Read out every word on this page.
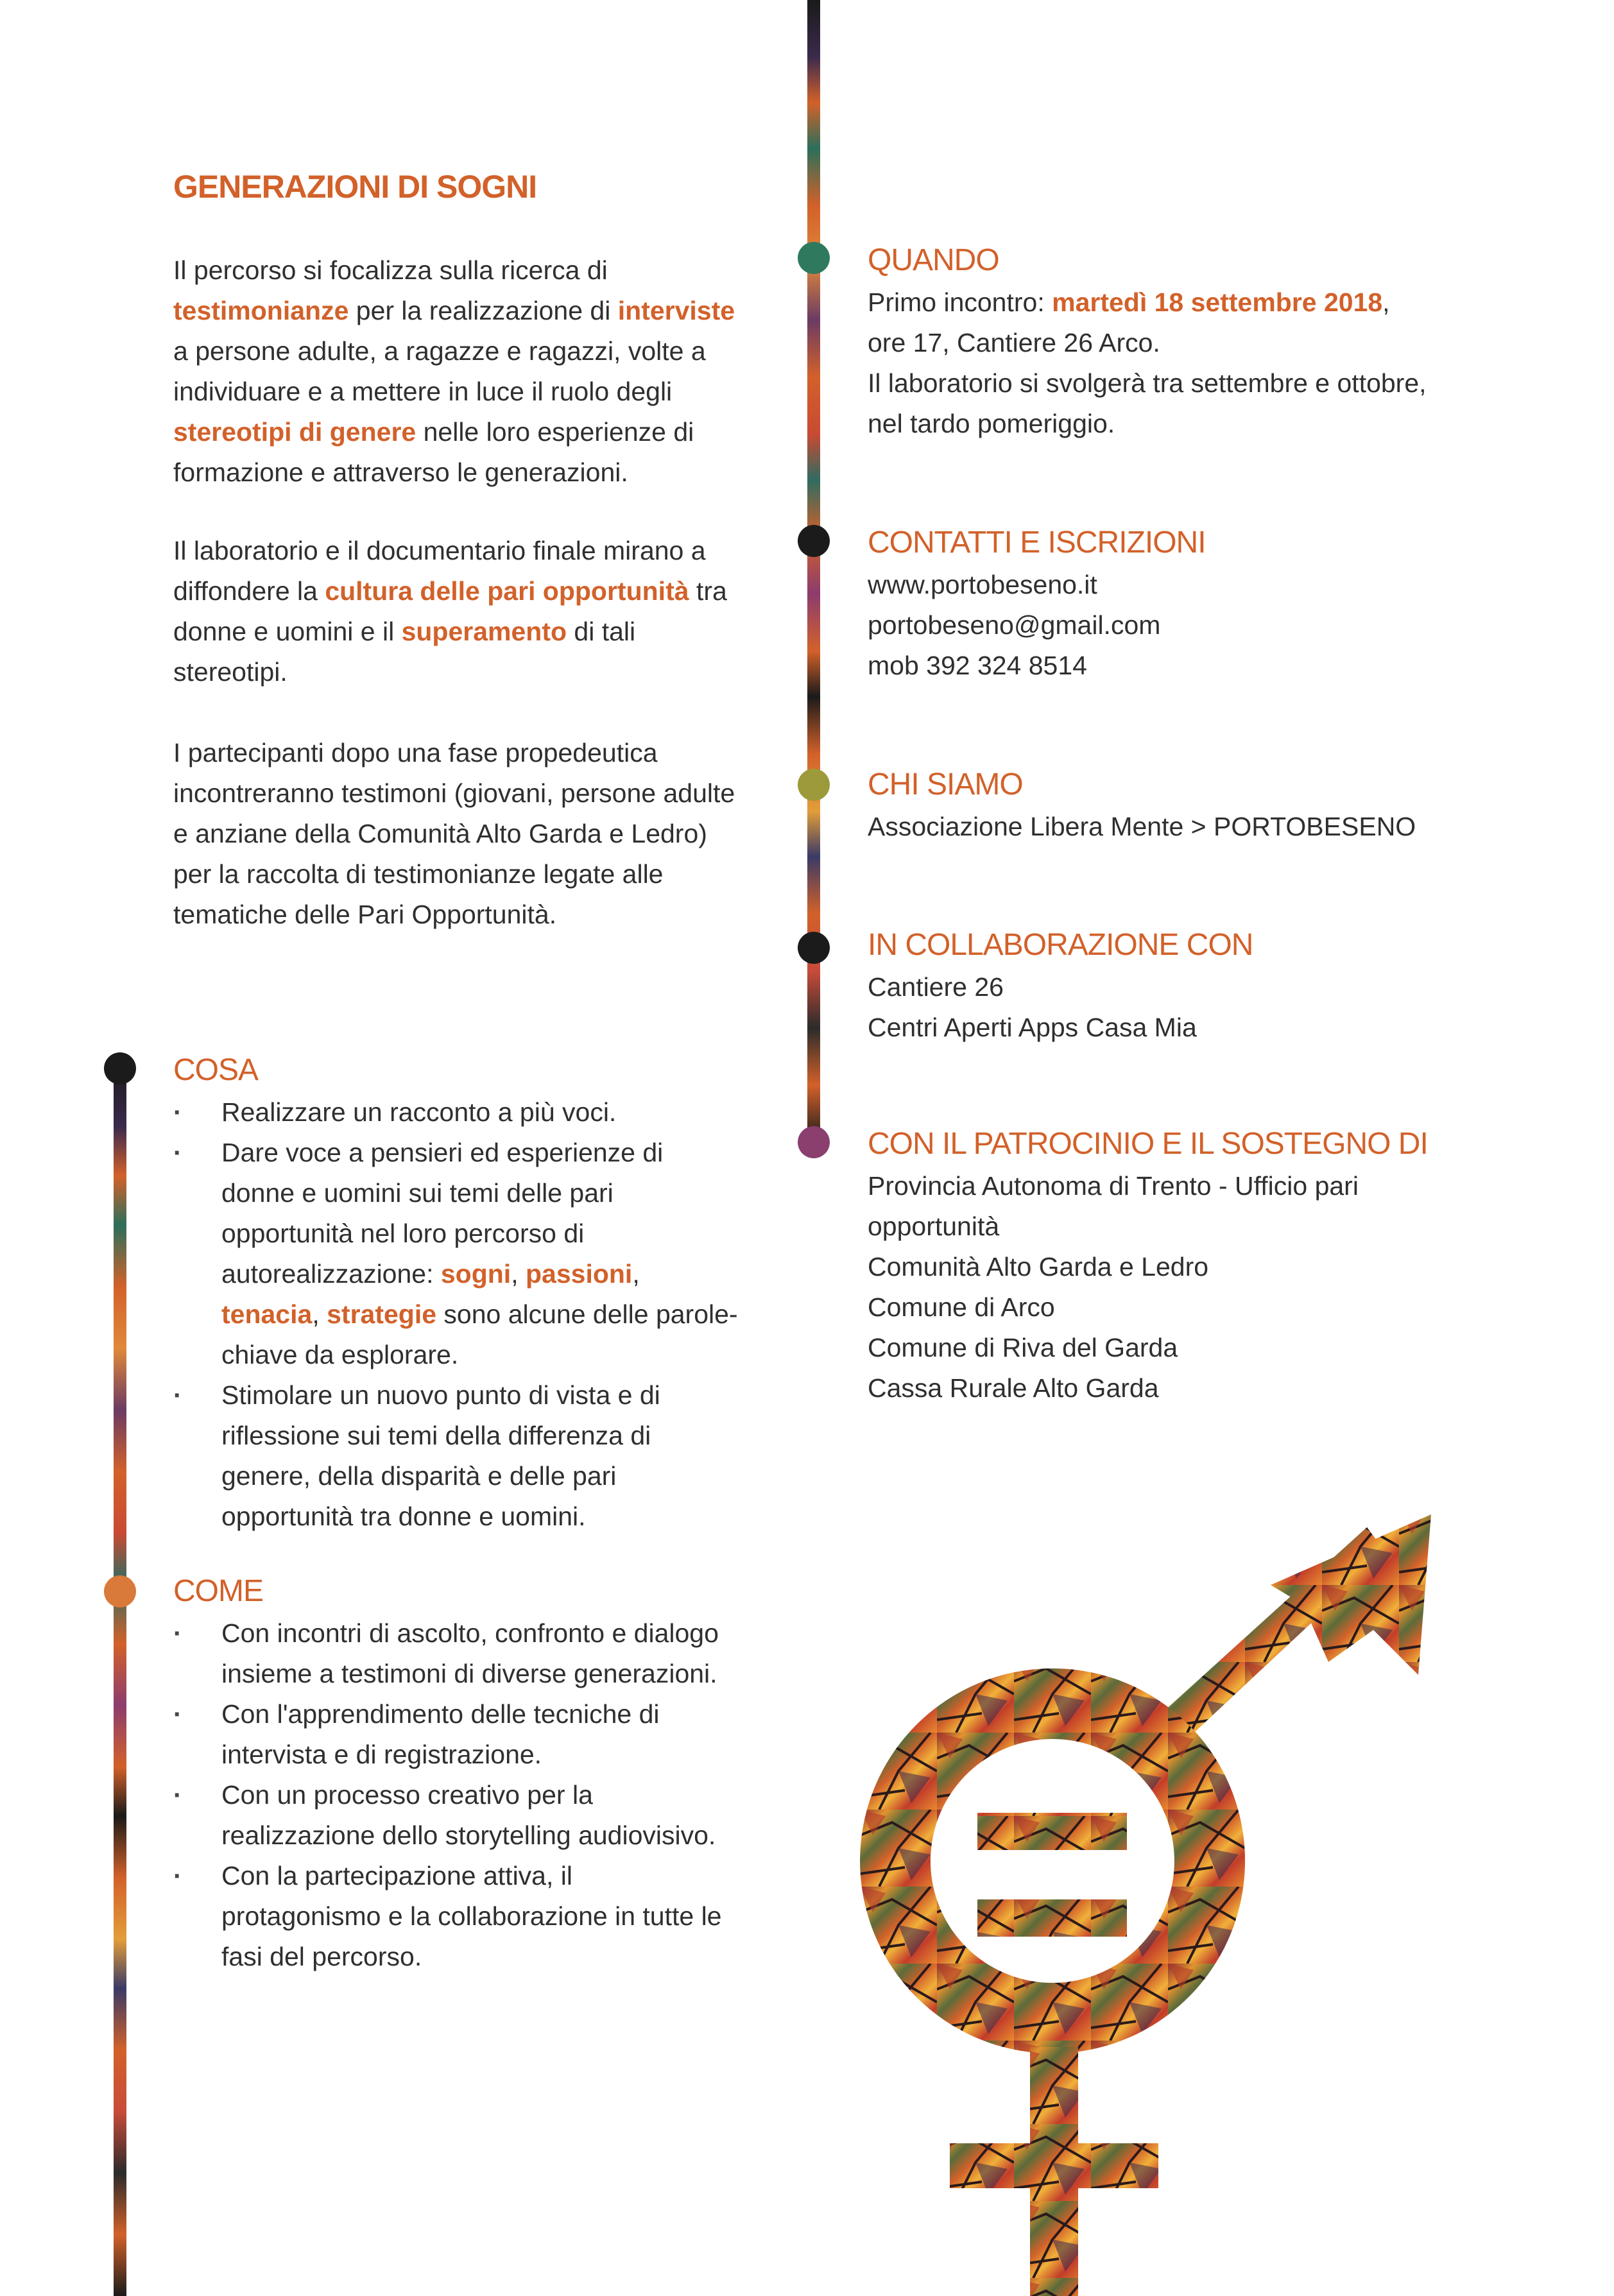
GENERAZIONI DI SOGNI
Il percorso si focalizza sulla ricerca di testimonianze per la realizzazione di interviste a persone adulte, a ragazze e ragazzi, volte a individuare e a mettere in luce il ruolo degli stereotipi di genere nelle loro esperienze di formazione e attraverso le generazioni.
Il laboratorio e il documentario finale mirano a diffondere la cultura delle pari opportunità tra donne e uomini e il superamento di tali stereotipi.
I partecipanti dopo una fase propedeutica incontreranno testimoni (giovani, persone adulte e anziane della Comunità Alto Garda e Ledro) per la raccolta di testimonianze legate alle tematiche delle Pari Opportunità.
COSA
· Realizzare un racconto a più voci.
· Dare voce a pensieri ed esperienze di donne e uomini sui temi delle pari opportunità nel loro percorso di autorealizzazione: sogni, passioni, tenacia, strategie sono alcune delle parole-chiave da esplorare.
· Stimolare un nuovo punto di vista e di riflessione sui temi della differenza di genere, della disparità e delle pari opportunità tra donne e uomini.
COME
· Con incontri di ascolto, confronto e dialogo insieme a testimoni di diverse generazioni.
· Con l'apprendimento delle tecniche di intervista e di registrazione.
· Con un processo creativo per la realizzazione dello storytelling audiovisivo.
· Con la partecipazione attiva, il protagonismo e la collaborazione in tutte le fasi del percorso.
QUANDO
Primo incontro: martedì 18 settembre 2018,
ore 17, Cantiere 26 Arco.
Il laboratorio si svolgerà tra settembre e ottobre, nel tardo pomeriggio.
CONTATTI E ISCRIZIONI
www.portobeseno.it
portobeseno@gmail.com
mob 392 324 8514
CHI SIAMO
Associazione Libera Mente > PORTOBESENO
IN COLLABORAZIONE CON
Cantiere 26
Centri Aperti Apps Casa Mia
CON IL PATROCINIO E IL SOSTEGNO DI
Provincia Autonoma di Trento - Ufficio pari opportunità
Comunità Alto Garda e Ledro
Comune di Arco
Comune di Riva del Garda
Cassa Rurale Alto Garda
